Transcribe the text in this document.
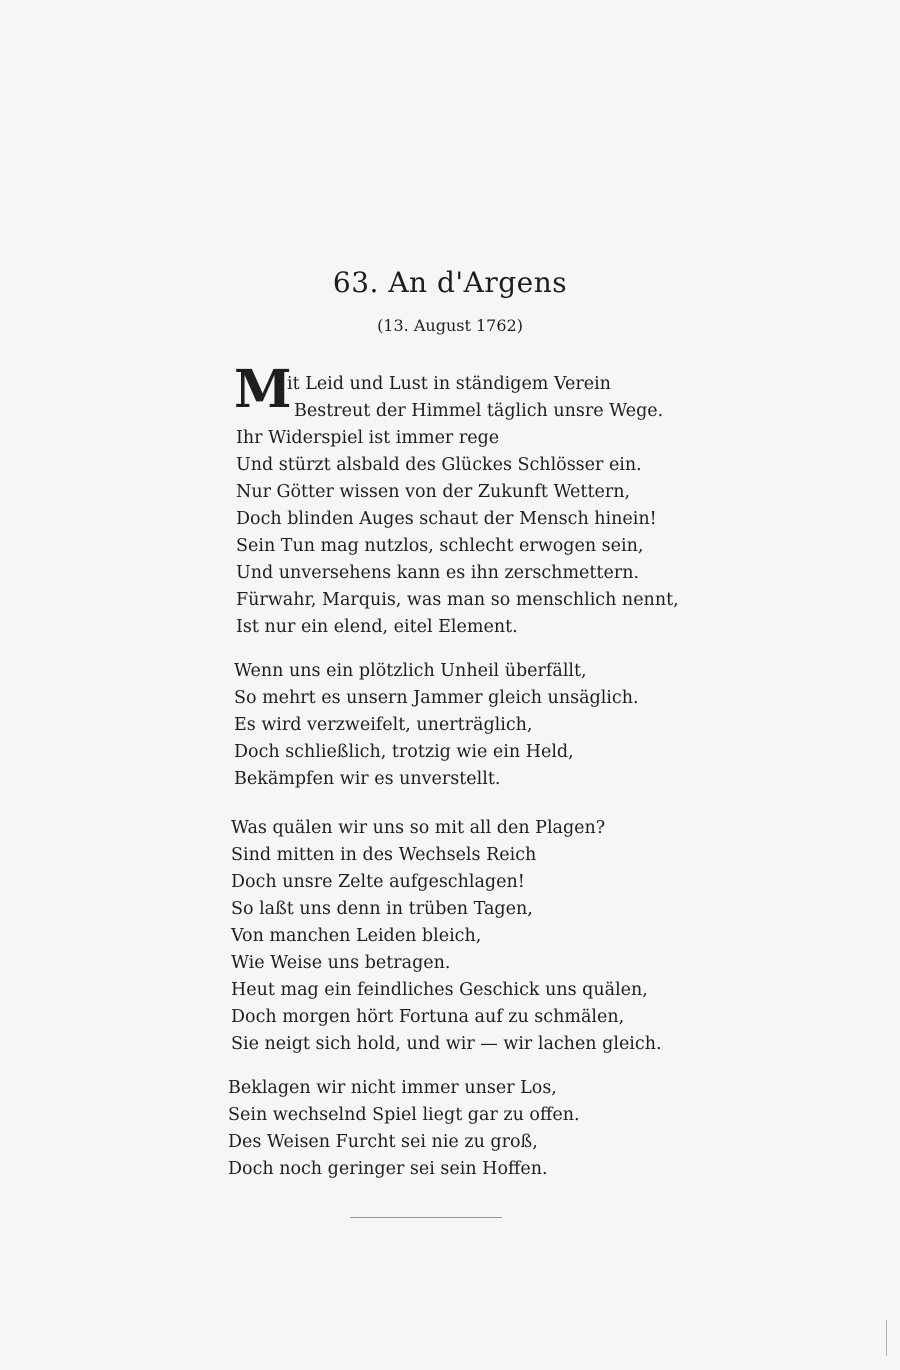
63. An d'Argens
(13. August 1762)
M
it Leid und Lust in ständigem Verein
Bestreut der Himmel täglich unsre Wege.
Ihr Widerspiel ist immer rege
Und stürzt alsbald des Glückes Schlösser ein.
Nur Götter wissen von der Zukunft Wettern,
Doch blinden Auges schaut der Mensch hinein!
Sein Tun mag nutzlos, schlecht erwogen sein,
Und unversehens kann es ihn zerschmettern.
Fürwahr, Marquis, was man so menschlich nennt,
Ist nur ein elend, eitel Element.
Wenn uns ein plötzlich Unheil überfällt,
So mehrt es unsern Jammer gleich unsäglich.
Es wird verzweifelt, unerträglich,
Doch schließlich, trotzig wie ein Held,
Bekämpfen wir es unverstellt.
Was quälen wir uns so mit all den Plagen?
Sind mitten in des Wechsels Reich
Doch unsre Zelte aufgeschlagen!
So laßt uns denn in trüben Tagen,
Von manchen Leiden bleich,
Wie Weise uns betragen.
Heut mag ein feindliches Geschick uns quälen,
Doch morgen hört Fortuna auf zu schmälen,
Sie neigt sich hold, und wir — wir lachen gleich.
Beklagen wir nicht immer unser Los,
Sein wechselnd Spiel liegt gar zu offen.
Des Weisen Furcht sei nie zu groß,
Doch noch geringer sei sein Hoffen.
